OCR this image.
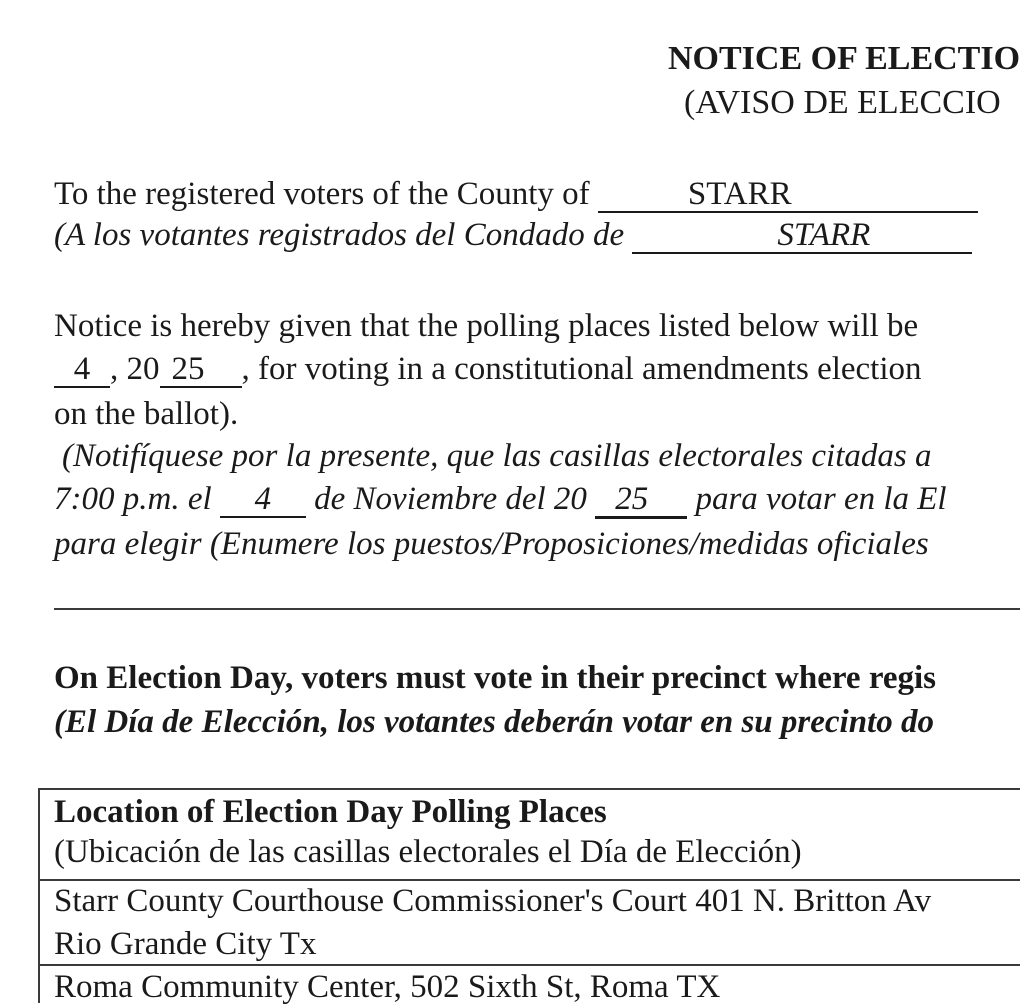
NOTICE OF ELECTIO
(AVISO DE ELECCIO
To the registered voters of the County of	STARR
(A los votantes registrados del Condado de	STARR
Notice is hereby given that the polling places listed below will be
4 , 20 25 , for voting in a constitutional amendments election
on the ballot).
(Notifíquese por la presente, que las casillas electorales citadas a
7:00 p.m. el 4 de Noviembre del 20 25 para votar en la El
para elegir (Enumere los puestos/Proposiciones/medidas oficiales
On Election Day, voters must vote in their precinct where regis
(El Día de Elección, los votantes deberán votar en su precinto do
Location of Election Day Polling Places
(Ubicación de las casillas electorales el Día de Elección)
Starr County Courthouse Commissioner's Court 401 N. Britton Av
Rio Grande City Tx
Roma Community Center, 502 Sixth St, Roma TX
